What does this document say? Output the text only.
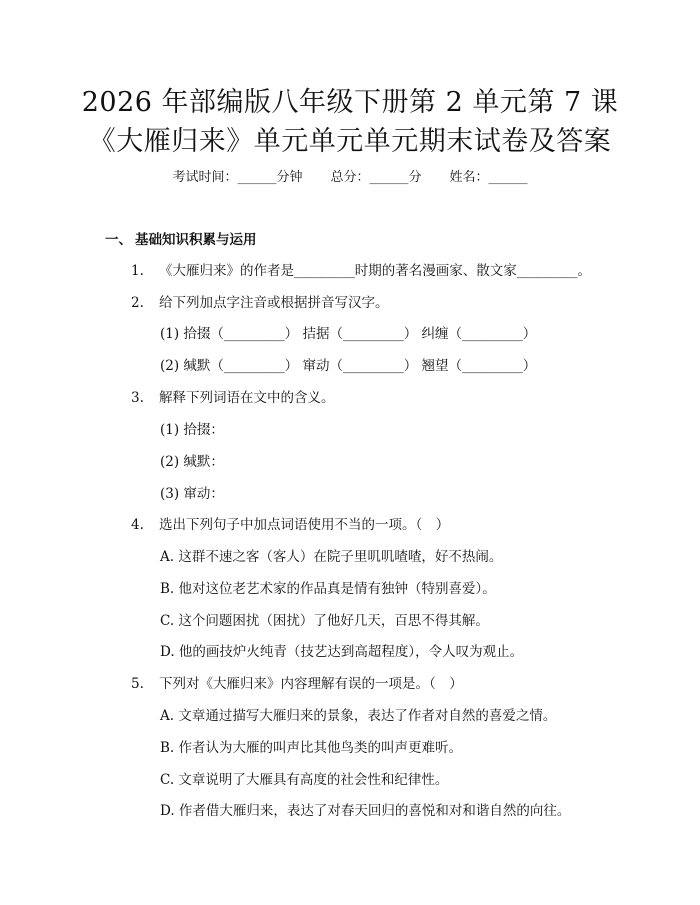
2026 年部编版八年级下册第 2 单元第 7 课
《大雁归来》单元单元单元期末试卷及答案
考试时间：______分钟 总分：______分 姓名：______
一、 基础知识积累与运用
1. 《大雁归来》的作者是_________时期的著名漫画家、散文家_________。
2. 给下列加点字注音或根据拼音写汉字。
(1) 拾掇（_________） 拮据（_________） 纠缠（_________）
(2) 缄默（_________） 窜动（_________） 翘望（_________）
3. 解释下列词语在文中的含义。
(1) 拾掇：
(2) 缄默：
(3) 窜动：
4. 选出下列句子中加点词语使用不当的一项。（　）
A. 这群不速之客（客人）在院子里叽叽喳喳，好不热闹。
B. 他对这位老艺术家的作品真是情有独钟（特别喜爱）。
C. 这个问题困扰（困扰）了他好几天，百思不得其解。
D. 他的画技炉火纯青（技艺达到高超程度），令人叹为观止。
5. 下列对《大雁归来》内容理解有误的一项是。（　）
A. 文章通过描写大雁归来的景象，表达了作者对自然的喜爱之情。
B. 作者认为大雁的叫声比其他鸟类的叫声更难听。
C. 文章说明了大雁具有高度的社会性和纪律性。
D. 作者借大雁归来，表达了对春天回归的喜悦和对和谐自然的向往。
